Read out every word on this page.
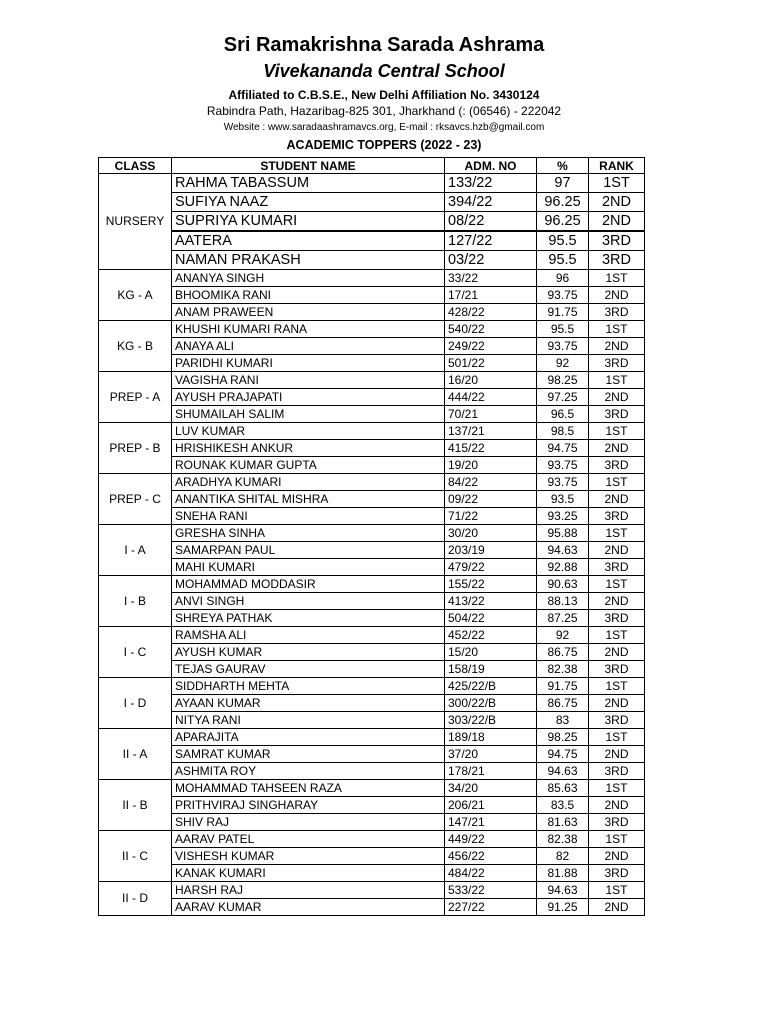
Sri Ramakrishna Sarada Ashrama
Vivekananda Central School
Affiliated to C.B.S.E., New Delhi Affiliation No. 3430124
Rabindra Path, Hazaribag-825 301, Jharkhand (: (06546) - 222042
Website : www.saradaashramavcs.org, E-mail : rksavcs.hzb@gmail.com
ACADEMIC TOPPERS (2022 - 23)
CLASS	STUDENT NAME	ADM. NO	%	RANK
NURSERY	RAHMA TABASSUM	133/22	97	1ST
	SUFIYA NAAZ	394/22	96.25	2ND
	SUPRIYA KUMARI	08/22	96.25	2ND
	AATERA	127/22	95.5	3RD
	NAMAN PRAKASH	03/22	95.5	3RD
KG - A	ANANYA SINGH	33/22	96	1ST
	BHOOMIKA RANI	17/21	93.75	2ND
	ANAM PRAWEEN	428/22	91.75	3RD
KG - B	KHUSHI KUMARI RANA	540/22	95.5	1ST
	ANAYA ALI	249/22	93.75	2ND
	PARIDHI KUMARI	501/22	92	3RD
PREP - A	VAGISHA RANI	16/20	98.25	1ST
	AYUSH PRAJAPATI	444/22	97.25	2ND
	SHUMAILAH SALIM	70/21	96.5	3RD
PREP - B	LUV KUMAR	137/21	98.5	1ST
	HRISHIKESH ANKUR	415/22	94.75	2ND
	ROUNAK KUMAR GUPTA	19/20	93.75	3RD
PREP - C	ARADHYA KUMARI	84/22	93.75	1ST
	ANANTIKA SHITAL MISHRA	09/22	93.5	2ND
	SNEHA RANI	71/22	93.25	3RD
I - A	GRESHA SINHA	30/20	95.88	1ST
	SAMARPAN PAUL	203/19	94.63	2ND
	MAHI KUMARI	479/22	92.88	3RD
I - B	MOHAMMAD MODDASIR	155/22	90.63	1ST
	ANVI SINGH	413/22	88.13	2ND
	SHREYA PATHAK	504/22	87.25	3RD
I - C	RAMSHA ALI	452/22	92	1ST
	AYUSH KUMAR	15/20	86.75	2ND
	TEJAS GAURAV	158/19	82.38	3RD
I - D	SIDDHARTH MEHTA	425/22/B	91.75	1ST
	AYAAN KUMAR	300/22/B	86.75	2ND
	NITYA RANI	303/22/B	83	3RD
II - A	APARAJITA	189/18	98.25	1ST
	SAMRAT KUMAR	37/20	94.75	2ND
	ASHMITA ROY	178/21	94.63	3RD
II - B	MOHAMMAD TAHSEEN RAZA	34/20	85.63	1ST
	PRITHVIRAJ SINGHARAY	206/21	83.5	2ND
	SHIV RAJ	147/21	81.63	3RD
II - C	AARAV PATEL	449/22	82.38	1ST
	VISHESH KUMAR	456/22	82	2ND
	KANAK KUMARI	484/22	81.88	3RD
II - D	HARSH RAJ	533/22	94.63	1ST
	AARAV KUMAR	227/22	91.25	2ND
